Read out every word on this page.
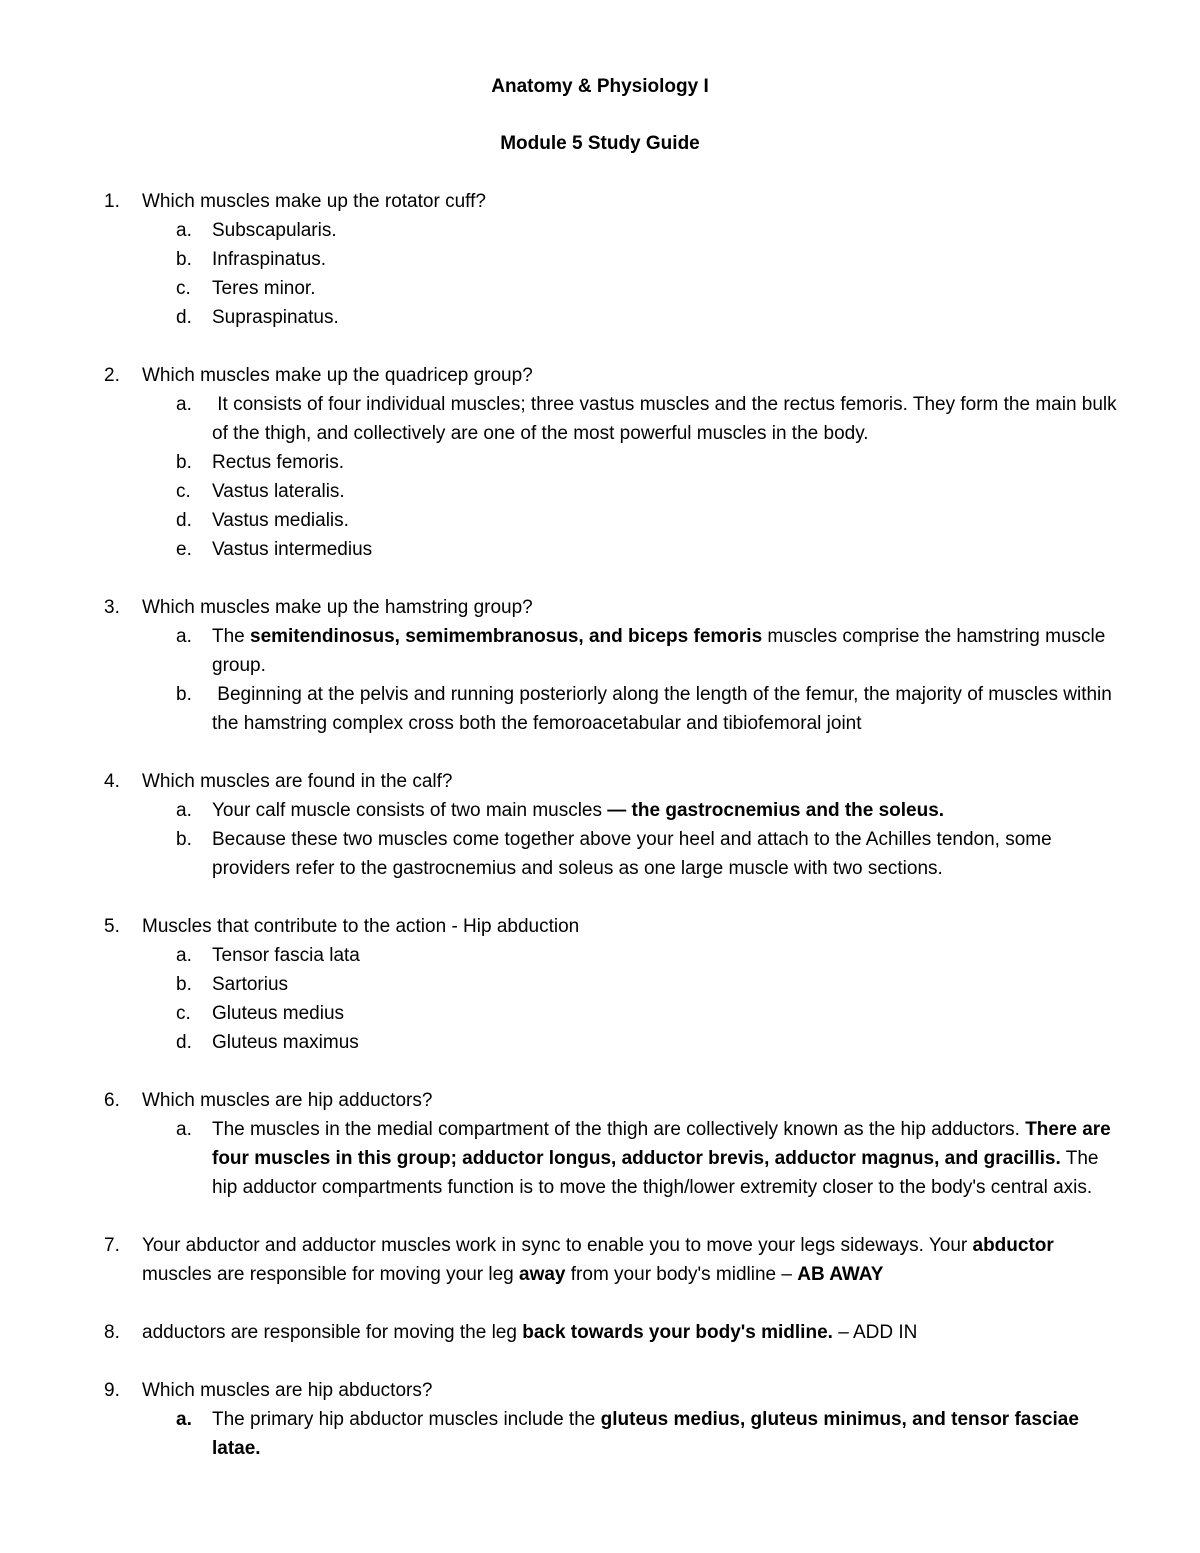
Anatomy & Physiology I

Module 5 Study Guide

1. Which muscles make up the rotator cuff?
a. Subscapularis.
b. Infraspinatus.
c. Teres minor.
d. Supraspinatus.
2. Which muscles make up the quadricep group?
a. It consists of four individual muscles; three vastus muscles and the rectus femoris. They form the main bulk of the thigh, and collectively are one of the most powerful muscles in the body.
b. Rectus femoris.
c. Vastus lateralis.
d. Vastus medialis.
e. Vastus intermedius
3. Which muscles make up the hamstring group?
a. The semitendinosus, semimembranosus, and biceps femoris muscles comprise the hamstring muscle group.
b. Beginning at the pelvis and running posteriorly along the length of the femur, the majority of muscles within the hamstring complex cross both the femoroacetabular and tibiofemoral joint
4. Which muscles are found in the calf?
a. Your calf muscle consists of two main muscles — the gastrocnemius and the soleus.
b. Because these two muscles come together above your heel and attach to the Achilles tendon, some providers refer to the gastrocnemius and soleus as one large muscle with two sections.
5. Muscles that contribute to the action - Hip abduction
a. Tensor fascia lata
b. Sartorius
c. Gluteus medius
d. Gluteus maximus
6. Which muscles are hip adductors?
a. The muscles in the medial compartment of the thigh are collectively known as the hip adductors. There are four muscles in this group; adductor longus, adductor brevis, adductor magnus, and gracillis. The hip adductor compartments function is to move the thigh/lower extremity closer to the body's central axis.
7. Your abductor and adductor muscles work in sync to enable you to move your legs sideways. Your abductor muscles are responsible for moving your leg away from your body's midline – AB AWAY
8. adductors are responsible for moving the leg back towards your body's midline. – ADD IN
9. Which muscles are hip abductors?
a. The primary hip abductor muscles include the gluteus medius, gluteus minimus, and tensor fasciae latae.
